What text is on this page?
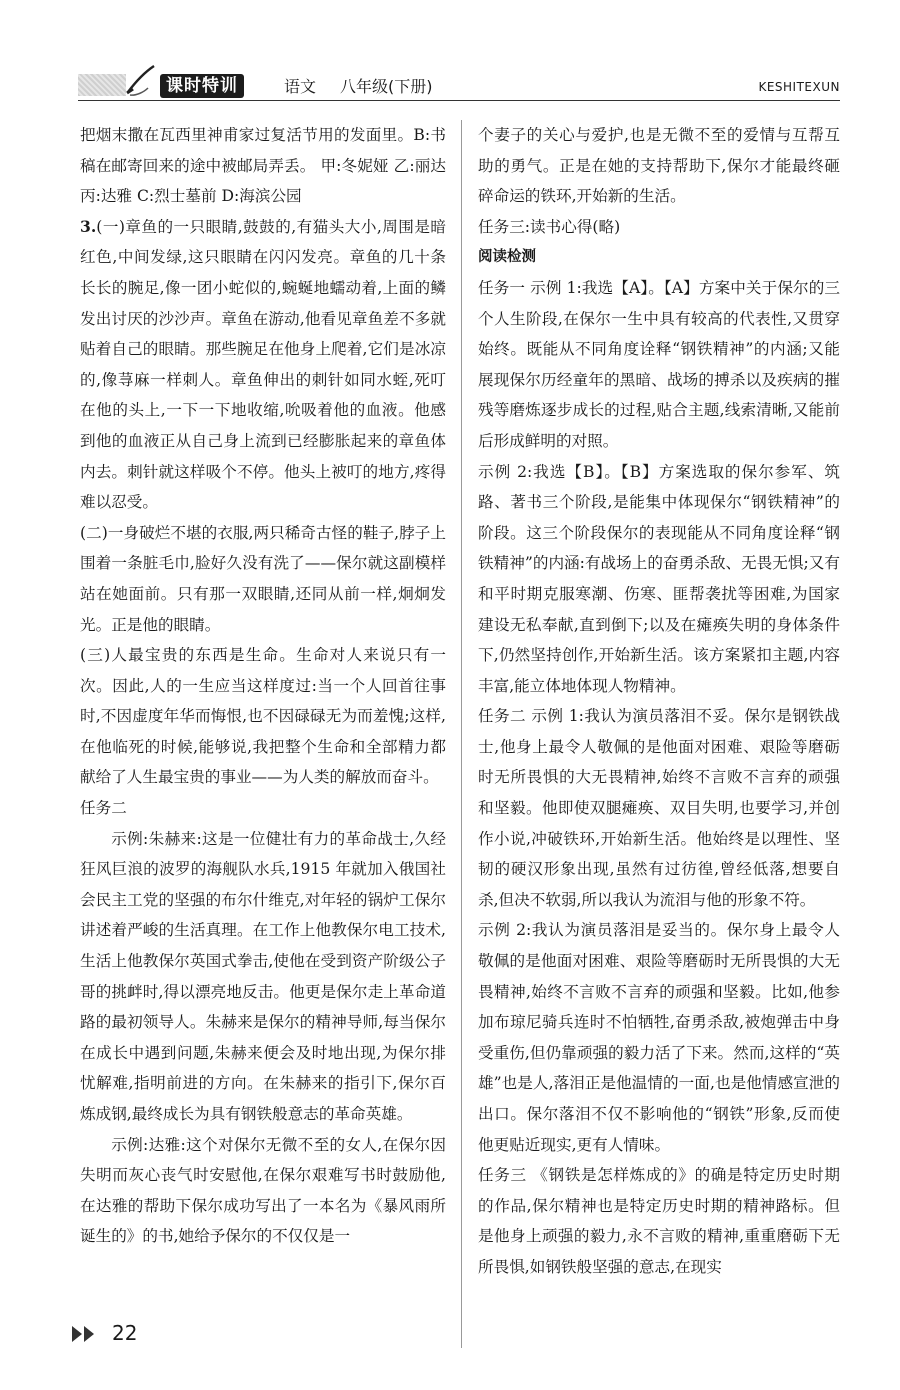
课时特训	语文 八年级(下册)	KESHITEXUN

把烟末撒在瓦西里神甫家过复活节用的发面里。B:书稿在邮寄回来的途中被邮局弄丢。 甲:冬妮娅 乙:丽达 丙:达雅 C:烈士墓前 D:海滨公园

3.(一)章鱼的一只眼睛,鼓鼓的,有猫头大小,周围是暗红色,中间发绿,这只眼睛在闪闪发亮。章鱼的几十条长长的腕足,像一团小蛇似的,蜿蜒地蠕动着,上面的鳞发出讨厌的沙沙声。章鱼在游动,他看见章鱼差不多就贴着自己的眼睛。那些腕足在他身上爬着,它们是冰凉的,像荨麻一样刺人。章鱼伸出的刺针如同水蛭,死叮在他的头上,一下一下地收缩,吮吸着他的血液。他感到他的血液正从自己身上流到已经膨胀起来的章鱼体内去。刺针就这样吸个不停。他头上被叮的地方,疼得难以忍受。

(二)一身破烂不堪的衣服,两只稀奇古怪的鞋子,脖子上围着一条脏毛巾,脸好久没有洗了——保尔就这副模样站在她面前。只有那一双眼睛,还同从前一样,炯炯发光。正是他的眼睛。

(三)人最宝贵的东西是生命。生命对人来说只有一次。因此,人的一生应当这样度过:当一个人回首往事时,不因虚度年华而悔恨,也不因碌碌无为而羞愧;这样,在他临死的时候,能够说,我把整个生命和全部精力都献给了人生最宝贵的事业——为人类的解放而奋斗。

任务二

示例:朱赫来:这是一位健壮有力的革命战士,久经狂风巨浪的波罗的海舰队水兵,1915 年就加入俄国社会民主工党的坚强的布尔什维克,对年轻的锅炉工保尔讲述着严峻的生活真理。在工作上他教保尔电工技术,生活上他教保尔英国式拳击,使他在受到资产阶级公子哥的挑衅时,得以漂亮地反击。他更是保尔走上革命道路的最初领导人。朱赫来是保尔的精神导师,每当保尔在成长中遇到问题,朱赫来便会及时地出现,为保尔排忧解难,指明前进的方向。在朱赫来的指引下,保尔百炼成钢,最终成长为具有钢铁般意志的革命英雄。

示例:达雅:这个对保尔无微不至的女人,在保尔因失明而灰心丧气时安慰他,在保尔艰难写书时鼓励他,在达雅的帮助下保尔成功写出了一本名为《暴风雨所诞生的》的书,她给予保尔的不仅仅是一

个妻子的关心与爱护,也是无微不至的爱情与互帮互助的勇气。正是在她的支持帮助下,保尔才能最终砸碎命运的铁环,开始新的生活。

任务三:读书心得(略)

阅读检测

任务一 示例 1:我选【A】。【A】方案中关于保尔的三个人生阶段,在保尔一生中具有较高的代表性,又贯穿始终。既能从不同角度诠释“钢铁精神”的内涵;又能展现保尔历经童年的黑暗、战场的搏杀以及疾病的摧残等磨炼逐步成长的过程,贴合主题,线索清晰,又能前后形成鲜明的对照。

示例 2:我选【B】。【B】方案选取的保尔参军、筑路、著书三个阶段,是能集中体现保尔“钢铁精神”的阶段。这三个阶段保尔的表现能从不同角度诠释“钢铁精神”的内涵:有战场上的奋勇杀敌、无畏无惧;又有和平时期克服寒潮、伤寒、匪帮袭扰等困难,为国家建设无私奉献,直到倒下;以及在瘫痪失明的身体条件下,仍然坚持创作,开始新生活。该方案紧扣主题,内容丰富,能立体地体现人物精神。

任务二 示例 1:我认为演员落泪不妥。保尔是钢铁战士,他身上最令人敬佩的是他面对困难、艰险等磨砺时无所畏惧的大无畏精神,始终不言败不言弃的顽强和坚毅。他即使双腿瘫痪、双目失明,也要学习,并创作小说,冲破铁环,开始新生活。他始终是以理性、坚韧的硬汉形象出现,虽然有过彷徨,曾经低落,想要自杀,但决不软弱,所以我认为流泪与他的形象不符。

示例 2:我认为演员落泪是妥当的。保尔身上最令人敬佩的是他面对困难、艰险等磨砺时无所畏惧的大无畏精神,始终不言败不言弃的顽强和坚毅。比如,他参加布琼尼骑兵连时不怕牺牲,奋勇杀敌,被炮弹击中身受重伤,但仍靠顽强的毅力活了下来。然而,这样的“英雄”也是人,落泪正是他温情的一面,也是他情感宣泄的出口。保尔落泪不仅不影响他的“钢铁”形象,反而使他更贴近现实,更有人情味。

任务三 《钢铁是怎样炼成的》的确是特定历史时期的作品,保尔精神也是特定历史时期的精神路标。但是他身上顽强的毅力,永不言败的精神,重重磨砺下无所畏惧,如钢铁般坚强的意志,在现实

22
